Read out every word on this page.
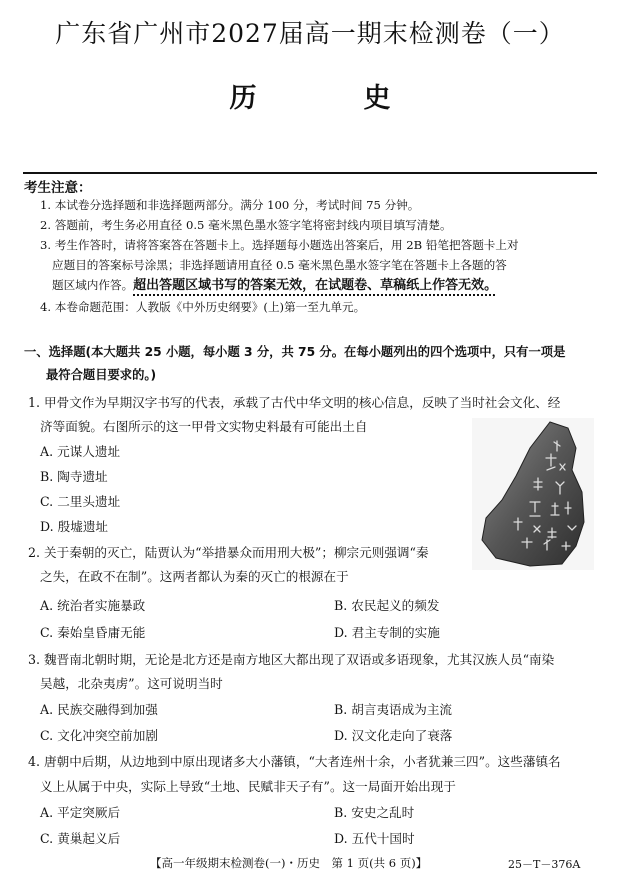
广东省广州市2027届高一期末检测卷（一）
历　史
考生注意：
1. 本试卷分选择题和非选择题两部分。满分 100 分，考试时间 75 分钟。
2. 答题前，考生务必用直径 0.5 毫米黑色墨水签字笔将密封线内项目填写清楚。
3. 考生作答时，请将答案答在答题卡上。选择题每小题选出答案后，用 2B 铅笔把答题卡上对
应题目的答案标号涂黑；非选择题请用直径 0.5 毫米黑色墨水签字笔在答题卡上各题的答
题区域内作答。超出答题区域书写的答案无效，在试题卷、草稿纸上作答无效。
4. 本卷命题范围：人教版《中外历史纲要》(上)第一至九单元。
一、选择题(本大题共 25 小题，每小题 3 分，共 75 分。在每小题列出的四个选项中，只有一项是
最符合题目要求的。)
1. 甲骨文作为早期汉字书写的代表，承载了古代中华文明的核心信息，反映了当时社会文化、经
济等面貌。右图所示的这一甲骨文实物史料最有可能出土自
A. 元谋人遗址
B. 陶寺遗址
C. 二里头遗址
D. 殷墟遗址
2. 关于秦朝的灭亡，陆贾认为“举措暴众而用刑大极”；柳宗元则强调“秦
之失，在政不在制”。这两者都认为秦的灭亡的根源在于
A. 统治者实施暴政	B. 农民起义的频发
C. 秦始皇昏庸无能	D. 君主专制的实施
3. 魏晋南北朝时期，无论是北方还是南方地区大都出现了双语或多语现象，尤其汉族人员“南染
吴越，北杂夷虏”。这可说明当时
A. 民族交融得到加强	B. 胡言夷语成为主流
C. 文化冲突空前加剧	D. 汉文化走向了衰落
4. 唐朝中后期，从边地到中原出现诸多大小藩镇，“大者连州十余，小者犹兼三四”。这些藩镇名
义上从属于中央，实际上导致“土地、民赋非天子有”。这一局面开始出现于
A. 平定突厥后	B. 安史之乱时
C. 黄巢起义后	D. 五代十国时
【高一年级期末检测卷(一)・历史　第 1 页(共 6 页)】	25－T－376A
